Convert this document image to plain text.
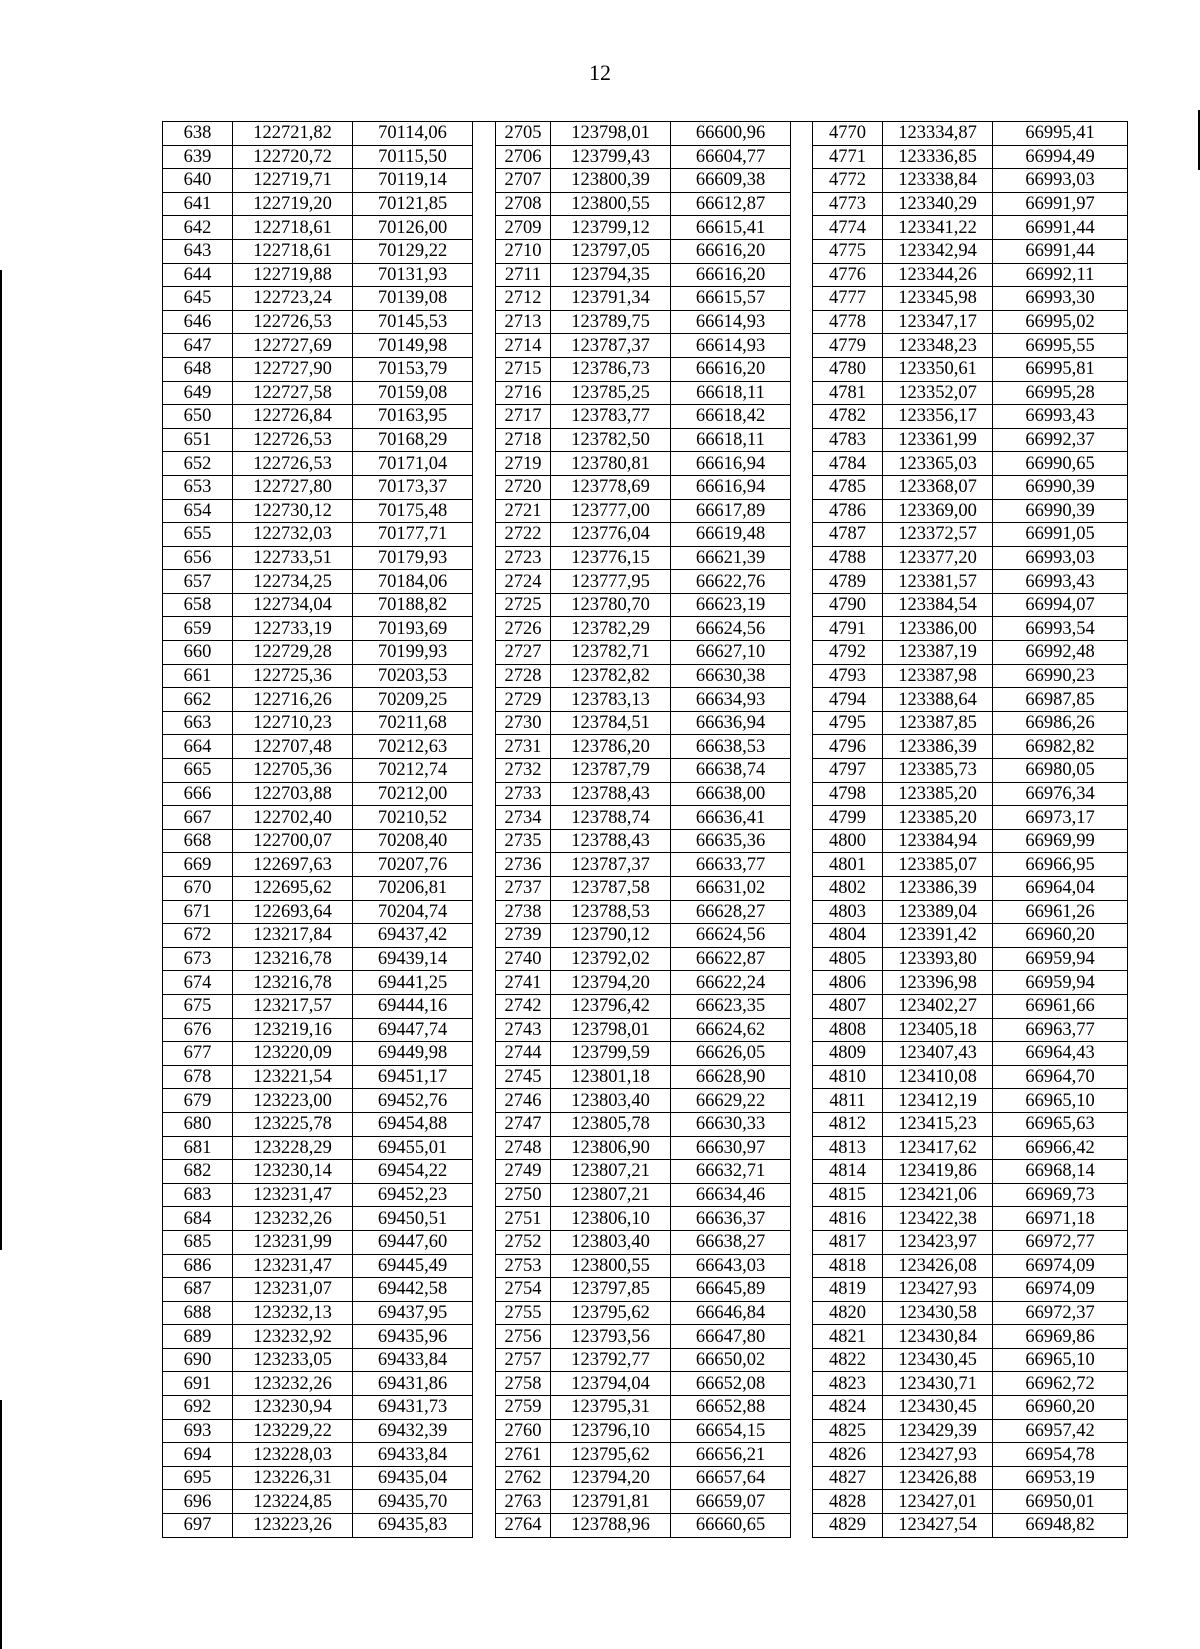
12
638	122721,82	70114,06		2705	123798,01	66600,96		4770	123334,87	66995,41
639	122720,72	70115,50		2706	123799,43	66604,77		4771	123336,85	66994,49
640	122719,71	70119,14		2707	123800,39	66609,38		4772	123338,84	66993,03
641	122719,20	70121,85		2708	123800,55	66612,87		4773	123340,29	66991,97
642	122718,61	70126,00		2709	123799,12	66615,41		4774	123341,22	66991,44
643	122718,61	70129,22		2710	123797,05	66616,20		4775	123342,94	66991,44
644	122719,88	70131,93		2711	123794,35	66616,20		4776	123344,26	66992,11
645	122723,24	70139,08		2712	123791,34	66615,57		4777	123345,98	66993,30
646	122726,53	70145,53		2713	123789,75	66614,93		4778	123347,17	66995,02
647	122727,69	70149,98		2714	123787,37	66614,93		4779	123348,23	66995,55
648	122727,90	70153,79		2715	123786,73	66616,20		4780	123350,61	66995,81
649	122727,58	70159,08		2716	123785,25	66618,11		4781	123352,07	66995,28
650	122726,84	70163,95		2717	123783,77	66618,42		4782	123356,17	66993,43
651	122726,53	70168,29		2718	123782,50	66618,11		4783	123361,99	66992,37
652	122726,53	70171,04		2719	123780,81	66616,94		4784	123365,03	66990,65
653	122727,80	70173,37		2720	123778,69	66616,94		4785	123368,07	66990,39
654	122730,12	70175,48		2721	123777,00	66617,89		4786	123369,00	66990,39
655	122732,03	70177,71		2722	123776,04	66619,48		4787	123372,57	66991,05
656	122733,51	70179,93		2723	123776,15	66621,39		4788	123377,20	66993,03
657	122734,25	70184,06		2724	123777,95	66622,76		4789	123381,57	66993,43
658	122734,04	70188,82		2725	123780,70	66623,19		4790	123384,54	66994,07
659	122733,19	70193,69		2726	123782,29	66624,56		4791	123386,00	66993,54
660	122729,28	70199,93		2727	123782,71	66627,10		4792	123387,19	66992,48
661	122725,36	70203,53		2728	123782,82	66630,38		4793	123387,98	66990,23
662	122716,26	70209,25		2729	123783,13	66634,93		4794	123388,64	66987,85
663	122710,23	70211,68		2730	123784,51	66636,94		4795	123387,85	66986,26
664	122707,48	70212,63		2731	123786,20	66638,53		4796	123386,39	66982,82
665	122705,36	70212,74		2732	123787,79	66638,74		4797	123385,73	66980,05
666	122703,88	70212,00		2733	123788,43	66638,00		4798	123385,20	66976,34
667	122702,40	70210,52		2734	123788,74	66636,41		4799	123385,20	66973,17
668	122700,07	70208,40		2735	123788,43	66635,36		4800	123384,94	66969,99
669	122697,63	70207,76		2736	123787,37	66633,77		4801	123385,07	66966,95
670	122695,62	70206,81		2737	123787,58	66631,02		4802	123386,39	66964,04
671	122693,64	70204,74		2738	123788,53	66628,27		4803	123389,04	66961,26
672	123217,84	69437,42		2739	123790,12	66624,56		4804	123391,42	66960,20
673	123216,78	69439,14		2740	123792,02	66622,87		4805	123393,80	66959,94
674	123216,78	69441,25		2741	123794,20	66622,24		4806	123396,98	66959,94
675	123217,57	69444,16		2742	123796,42	66623,35		4807	123402,27	66961,66
676	123219,16	69447,74		2743	123798,01	66624,62		4808	123405,18	66963,77
677	123220,09	69449,98		2744	123799,59	66626,05		4809	123407,43	66964,43
678	123221,54	69451,17		2745	123801,18	66628,90		4810	123410,08	66964,70
679	123223,00	69452,76		2746	123803,40	66629,22		4811	123412,19	66965,10
680	123225,78	69454,88		2747	123805,78	66630,33		4812	123415,23	66965,63
681	123228,29	69455,01		2748	123806,90	66630,97		4813	123417,62	66966,42
682	123230,14	69454,22		2749	123807,21	66632,71		4814	123419,86	66968,14
683	123231,47	69452,23		2750	123807,21	66634,46		4815	123421,06	66969,73
684	123232,26	69450,51		2751	123806,10	66636,37		4816	123422,38	66971,18
685	123231,99	69447,60		2752	123803,40	66638,27		4817	123423,97	66972,77
686	123231,47	69445,49		2753	123800,55	66643,03		4818	123426,08	66974,09
687	123231,07	69442,58		2754	123797,85	66645,89		4819	123427,93	66974,09
688	123232,13	69437,95		2755	123795,62	66646,84		4820	123430,58	66972,37
689	123232,92	69435,96		2756	123793,56	66647,80		4821	123430,84	66969,86
690	123233,05	69433,84		2757	123792,77	66650,02		4822	123430,45	66965,10
691	123232,26	69431,86		2758	123794,04	66652,08		4823	123430,71	66962,72
692	123230,94	69431,73		2759	123795,31	66652,88		4824	123430,45	66960,20
693	123229,22	69432,39		2760	123796,10	66654,15		4825	123429,39	66957,42
694	123228,03	69433,84		2761	123795,62	66656,21		4826	123427,93	66954,78
695	123226,31	69435,04		2762	123794,20	66657,64		4827	123426,88	66953,19
696	123224,85	69435,70		2763	123791,81	66659,07		4828	123427,01	66950,01
697	123223,26	69435,83		2764	123788,96	66660,65		4829	123427,54	66948,82
